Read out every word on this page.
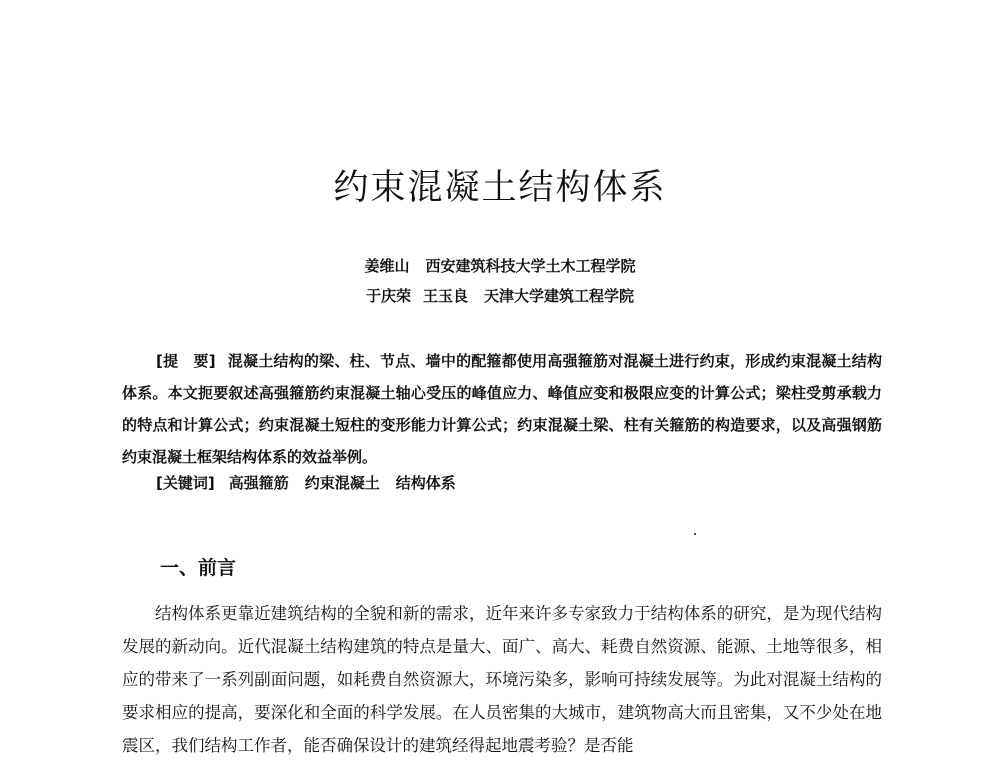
约束混凝土结构体系
姜维山 西安建筑科技大学土木工程学院
于庆荣 王玉良 天津大学建筑工程学院
[提　要] 混凝土结构的梁、柱、节点、墙中的配箍都使用高强箍筋对混凝土进行约束，形成约束混凝土结构体系。本文扼要叙述高强箍筋约束混凝土轴心受压的峰值应力、峰值应变和极限应变的计算公式；梁柱受剪承载力的特点和计算公式；约束混凝土短柱的变形能力计算公式；约束混凝土梁、柱有关箍筋的构造要求，以及高强钢筋约束混凝土框架结构体系的效益举例。
[关键词] 高强箍筋 约束混凝土 结构体系
一、前言
结构体系更靠近建筑结构的全貌和新的需求，近年来许多专家致力于结构体系的研究，是为现代结构发展的新动向。近代混凝土结构建筑的特点是量大、面广、高大、耗费自然资源、能源、土地等很多，相应的带来了一系列副面问题，如耗费自然资源大，环境污染多，影响可持续发展等。为此对混凝土结构的要求相应的提高，要深化和全面的科学发展。在人员密集的大城市，建筑物高大而且密集，又不少处在地震区，我们结构工作者，能否确保设计的建筑经得起地震考验？是否能
